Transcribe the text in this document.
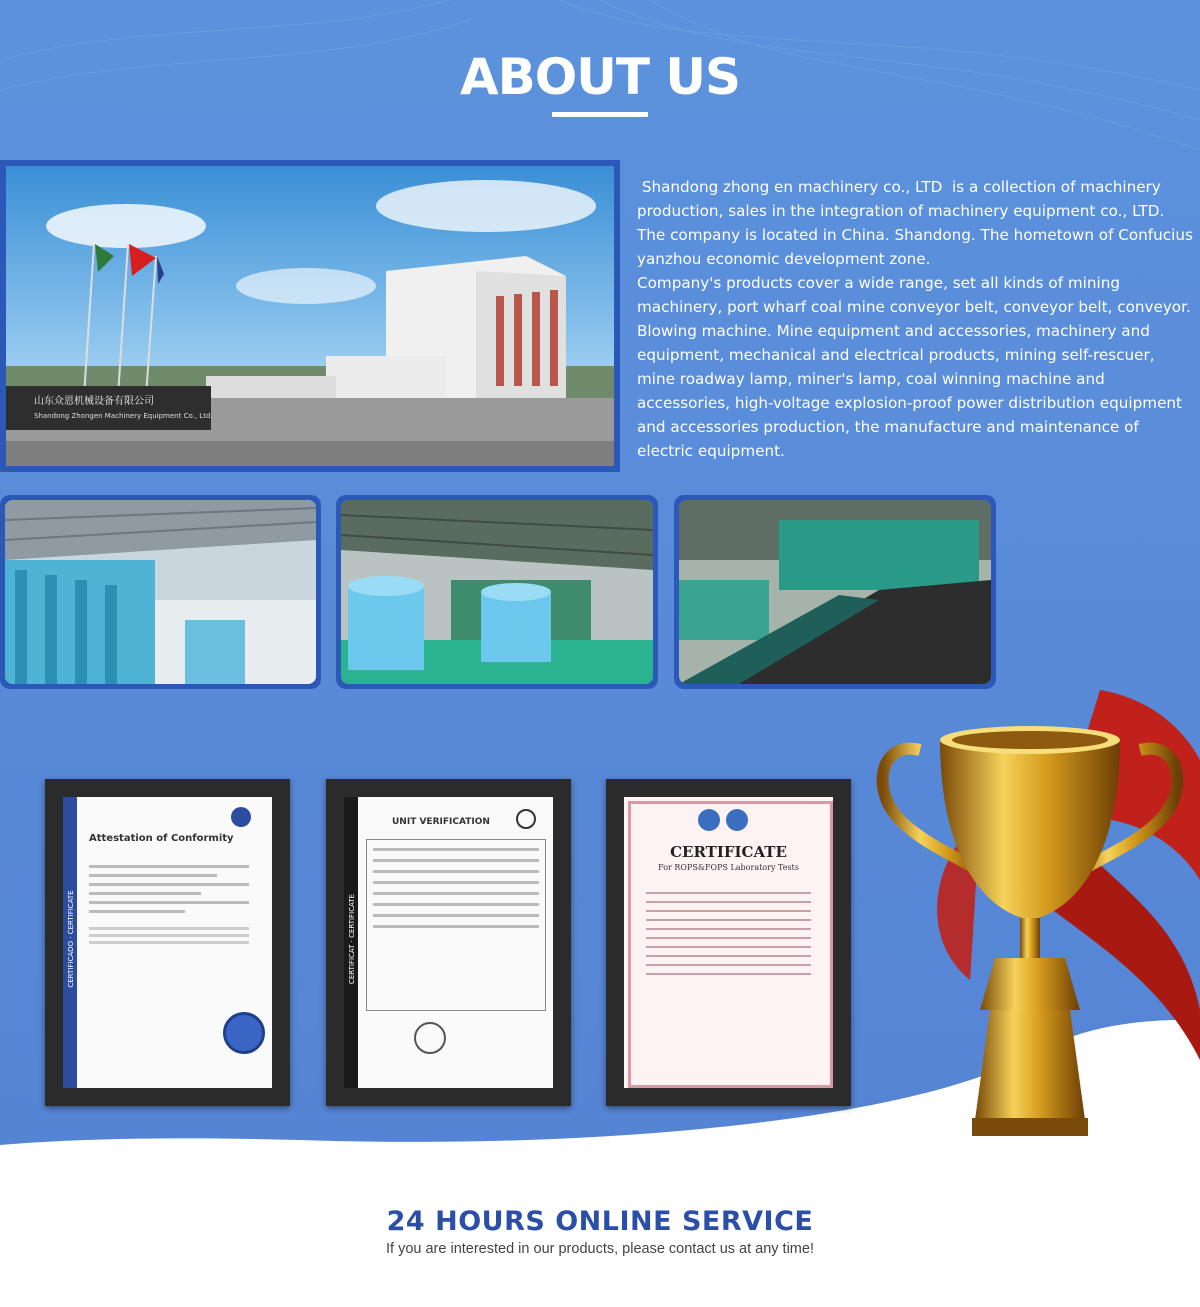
ABOUT US
山东众恩机械设备有限公司
Shandong Zhongen Machinery Equipment Co., Ltd.

Shandong zhong en machinery co., LTD  is a collection of machinery production, sales in the integration of machinery equipment co., LTD. The company is located in China. Shandong. The hometown of Confucius yanzhou economic development zone.

Company's products cover a wide range, set all kinds of mining machinery, port wharf coal mine conveyor belt, conveyor belt, conveyor. Blowing machine. Mine equipment and accessories, machinery and equipment, mechanical and electrical products, mining self-rescuer, mine roadway lamp, miner's lamp, coal winning machine and accessories, high-voltage explosion-proof power distribution equipment and accessories production, the manufacture and maintenance of electric equipment.

CERTIFICADO · CERTIFICATE
Attestation of Conformity
CERTIFICAT · CERTIFICATE
UNIT VERIFICATION
CERTIFICATE
For ROPS&FOPS Laboratory Tests
24 HOURS ONLINE SERVICE
If you are interested in our products, please contact us at any time!
